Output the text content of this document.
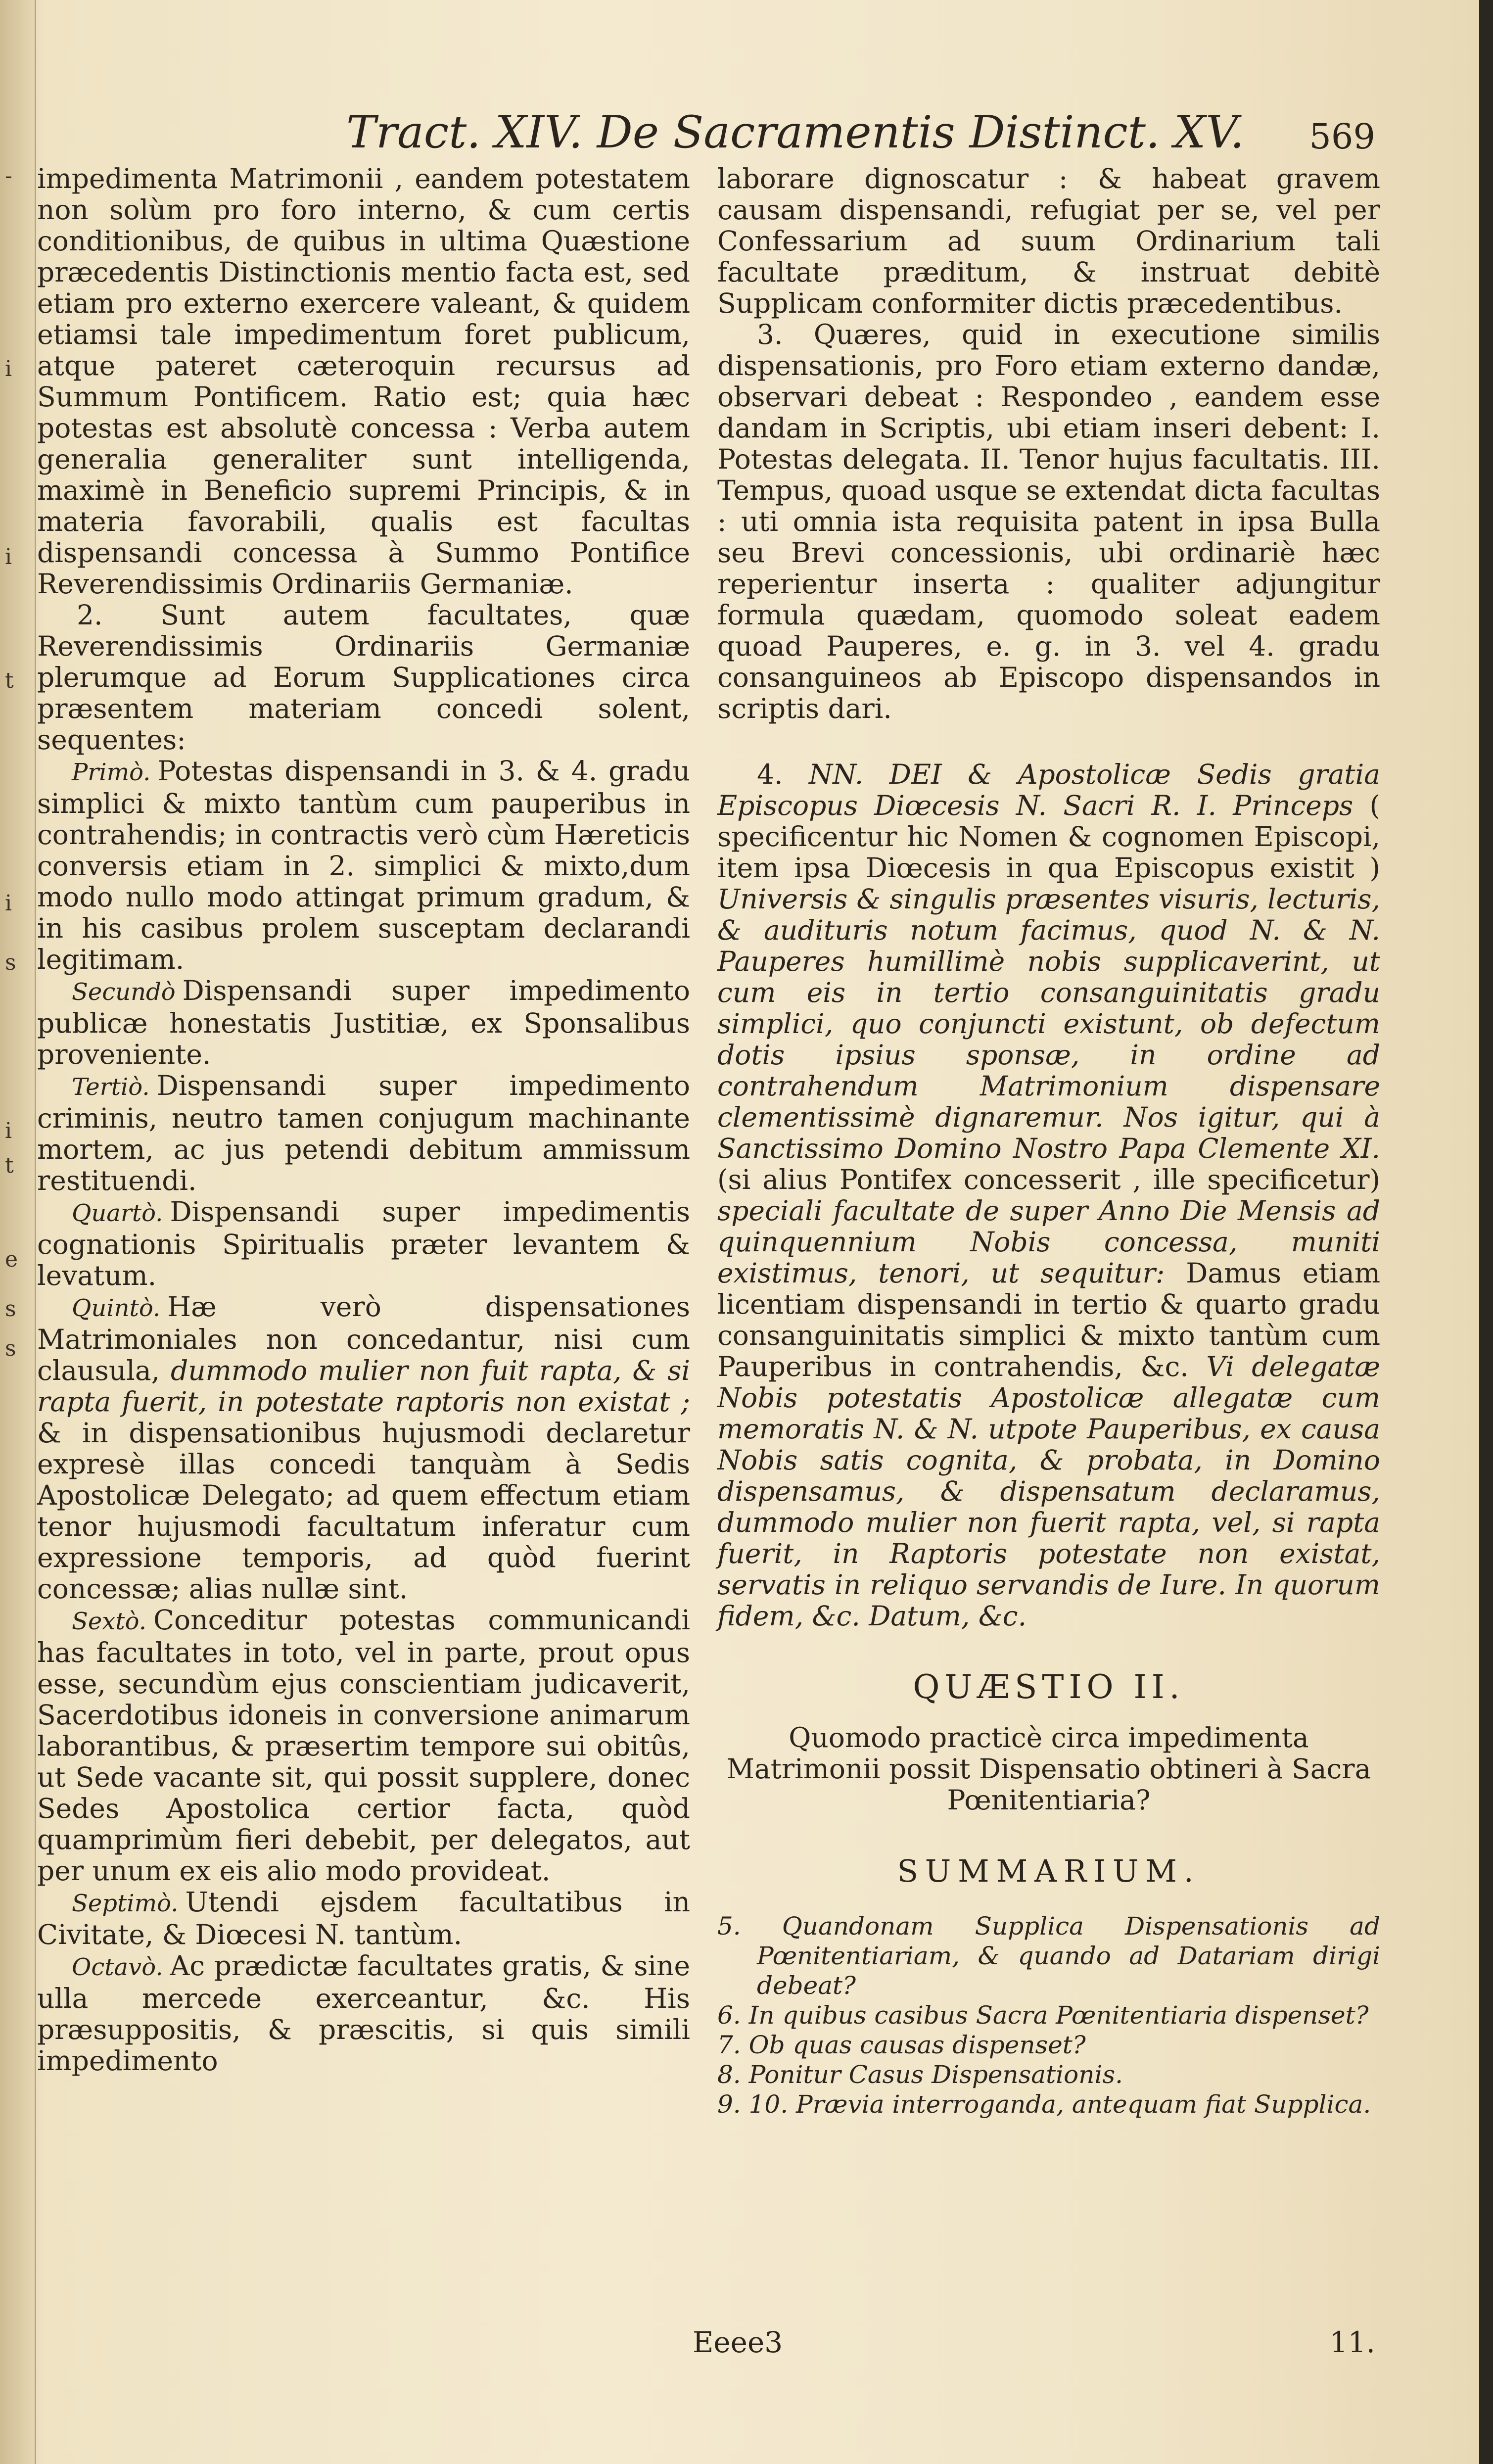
-
i
i
t
i
s
i
t
e
s
s
Tract. XIV. De Sacramentis Distinct. XV. 569

impedimenta Matrimonii , eandem potestatem non solùm pro foro interno, & cum certis conditionibus, de quibus in ultima Quæstione præcedentis Distinctionis mentio facta est, sed etiam pro externo exercere valeant, & quidem etiamsi tale impedimentum foret publicum, atque pateret cæteroquin recursus ad Summum Pontificem. Ratio est; quia hæc potestas est absolutè concessa : Verba autem generalia generaliter sunt intelligenda, maximè in Beneficio supremi Principis, & in materia favorabili, qualis est facultas dispensandi concessa à Summo Pontifice Reverendissimis Ordinariis Germaniæ.

2. Sunt autem facultates, quæ Reverendissimis Ordinariis Germaniæ plerumque ad Eorum Supplicationes circa præsentem materiam concedi solent, sequentes:

Primò. Potestas dispensandi in 3. & 4. gradu simplici & mixto tantùm cum pauperibus in contrahendis; in contractis verò cùm Hæreticis conversis etiam in 2. simplici & mixto,dum modo nullo modo attingat primum gradum, & in his casibus prolem susceptam declarandi legitimam.

Secundò Dispensandi super impedimento publicæ honestatis Justitiæ, ex Sponsalibus proveniente.

Tertiò. Dispensandi super impedimento criminis, neutro tamen conjugum machinante mortem, ac jus petendi debitum ammissum restituendi.

Quartò. Dispensandi super impedimentis cognationis Spiritualis præter levantem & levatum.

Quintò. Hæ verò dispensationes Matrimoniales non concedantur, nisi cum clausula, dummodo mulier non fuit rapta, & si rapta fuerit, in potestate raptoris non existat ; & in dispensationibus hujusmodi declaretur expresè illas concedi tanquàm à Sedis Apostolicæ Delegato; ad quem effectum etiam tenor hujusmodi facultatum inferatur cum expressione temporis, ad quòd fuerint concessæ; alias nullæ sint.

Sextò. Conceditur potestas communicandi has facultates in toto, vel in parte, prout opus esse, secundùm ejus conscientiam judicaverit, Sacerdotibus idoneis in conversione animarum laborantibus, & præsertim tempore sui obitûs, ut Sede vacante sit, qui possit supplere, donec Sedes Apostolica certior facta, quòd quamprimùm fieri debebit, per delegatos, aut per unum ex eis alio modo provideat.

Septimò. Utendi ejsdem facultatibus in Civitate, & Diœcesi N. tantùm.

Octavò. Ac prædictæ facultates gratis, & sine ulla mercede exerceantur, &c. His præsuppositis, & præscitis, si quis simili impedimento

laborare dignoscatur : & habeat gravem causam dispensandi, refugiat per se, vel per Confessarium ad suum Ordinarium tali facultate præditum, & instruat debitè Supplicam conformiter dictis præcedentibus.

3. Quæres, quid in executione similis dispensationis, pro Foro etiam externo dandæ, observari debeat : Respondeo , eandem esse dandam in Scriptis, ubi etiam inseri debent: I. Potestas delegata. II. Tenor hujus facultatis. III. Tempus, quoad usque se extendat dicta facultas : uti omnia ista requisita patent in ipsa Bulla seu Brevi concessionis, ubi ordinariè hæc reperientur inserta : qualiter adjungitur formula quædam, quomodo soleat eadem quoad Pauperes, e. g. in 3. vel 4. gradu consanguineos ab Episcopo dispensandos in scriptis dari.

4. NN. DEI & Apostolicæ Sedis gratia Episcopus Diœcesis N. Sacri R. I. Princeps ( specificentur hic Nomen & cognomen Episcopi, item ipsa Diœcesis in qua Episcopus existit ) Universis & singulis præsentes visuris, lecturis, & audituris notum facimus, quod N. & N. Pauperes humillimè nobis supplicaverint, ut cum eis in tertio consanguinitatis gradu simplici, quo conjuncti existunt, ob defectum dotis ipsius sponsæ, in ordine ad contrahendum Matrimonium dispensare clementissimè dignaremur. Nos igitur, qui à Sanctissimo Domino Nostro Papa Clemente XI. (si alius Pontifex concesserit , ille specificetur) speciali facultate de super Anno Die Mensis ad quinquennium Nobis concessa, muniti existimus, tenori, ut sequitur: Damus etiam licentiam dispensandi in tertio & quarto gradu consanguinitatis simplici & mixto tantùm cum Pauperibus in contrahendis, &c. Vi delegatæ Nobis potestatis Apostolicæ allegatæ cum memoratis N. & N. utpote Pauperibus, ex causa Nobis satis cognita, & probata, in Domino dispensamus, & dispensatum declaramus, dummodo mulier non fuerit rapta, vel, si rapta fuerit, in Raptoris potestate non existat, servatis in reliquo servandis de Iure. In quorum fidem, &c. Datum, &c.

QUÆSTIO II.

Quomodo practicè circa impedimenta Matrimonii possit Dispensatio obtineri à Sacra Pœnitentiaria?

SUMMARIUM.

5. Quandonam Supplica Dispensationis ad Pœnitentiariam, & quando ad Datariam dirigi debeat?

6. In quibus casibus Sacra Pœnitentiaria dispenset?

7. Ob quas causas dispenset?

8. Ponitur Casus Dispensationis.

9. 10. Prævia interroganda, antequam fiat Supplica.

Eeee3	11.
